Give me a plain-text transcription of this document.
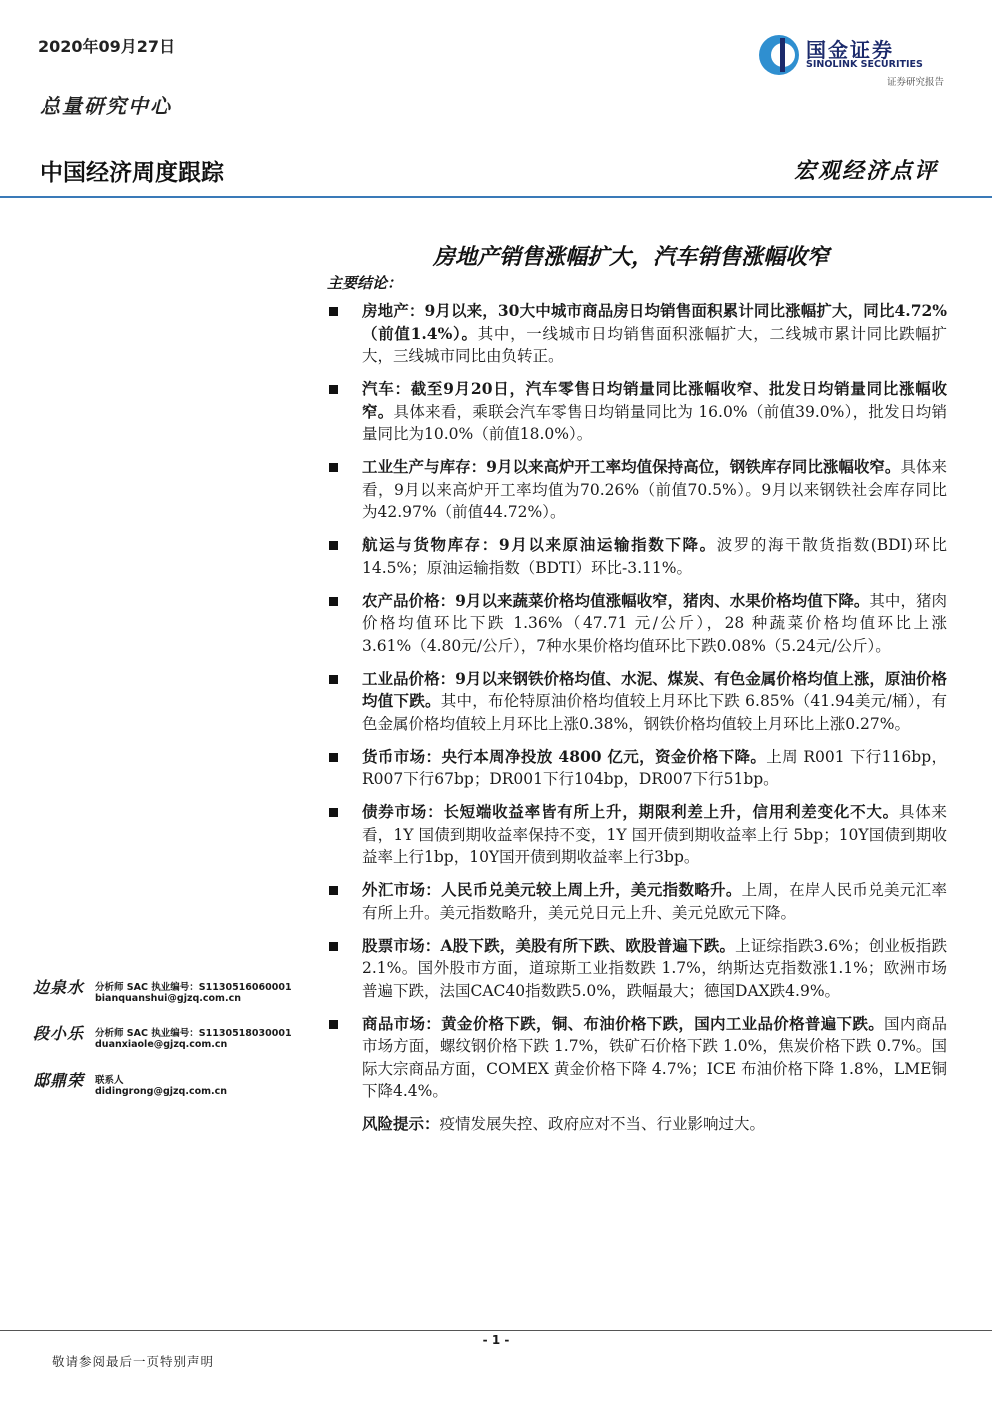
2020年09月27日
总量研究中心
中国经济周度跟踪	宏观经济点评
国金证券
SINOLINK SECURITIES
证券研究报告
房地产销售涨幅扩大，汽车销售涨幅收窄
主要结论：
房地产：9月以来，30大中城市商品房日均销售面积累计同比涨幅扩大，同比4.72%（前值1.4%）。其中，一线城市日均销售面积涨幅扩大，二线城市累计同比跌幅扩大，三线城市同比由负转正。
汽车：截至9月20日，汽车零售日均销量同比涨幅收窄、批发日均销量同比涨幅收窄。具体来看，乘联会汽车零售日均销量同比为 16.0%（前值39.0%），批发日均销量同比为10.0%（前值18.0%）。
工业生产与库存：9月以来高炉开工率均值保持高位，钢铁库存同比涨幅收窄。具体来看，9月以来高炉开工率均值为70.26%（前值70.5%）。9月以来钢铁社会库存同比为42.97%（前值44.72%）。
航运与货物库存：9月以来原油运输指数下降。波罗的海干散货指数(BDI)环比14.5%；原油运输指数（BDTI）环比-3.11%。
农产品价格：9月以来蔬菜价格均值涨幅收窄，猪肉、水果价格均值下降。其中，猪肉价格均值环比下跌 1.36%（47.71 元/公斤），28 种蔬菜价格均值环比上涨3.61%（4.80元/公斤），7种水果价格均值环比下跌0.08%（5.24元/公斤）。
工业品价格：9月以来钢铁价格均值、水泥、煤炭、有色金属价格均值上涨，原油价格均值下跌。其中，布伦特原油价格均值较上月环比下跌 6.85%（41.94美元/桶），有色金属价格均值较上月环比上涨0.38%，钢铁价格均值较上月环比上涨0.27%。
货币市场：央行本周净投放 4800 亿元，资金价格下降。上周 R001 下行116bp，R007下行67bp；DR001下行104bp，DR007下行51bp。
债券市场：长短端收益率皆有所上升，期限利差上升，信用利差变化不大。具体来看，1Y 国债到期收益率保持不变，1Y 国开债到期收益率上行 5bp；10Y国债到期收益率上行1bp，10Y国开债到期收益率上行3bp。
外汇市场：人民币兑美元较上周上升，美元指数略升。上周，在岸人民币兑美元汇率有所上升。美元指数略升，美元兑日元上升、美元兑欧元下降。
股票市场：A股下跌，美股有所下跌、欧股普遍下跌。上证综指跌3.6%；创业板指跌 2.1%。国外股市方面，道琼斯工业指数跌 1.7%，纳斯达克指数涨1.1%；欧洲市场普遍下跌，法国CAC40指数跌5.0%，跌幅最大；德国DAX跌4.9%。
商品市场：黄金价格下跌，铜、布油价格下跌，国内工业品价格普遍下跌。国内商品市场方面，螺纹钢价格下跌 1.7%，铁矿石价格下跌 1.0%，焦炭价格下跌 0.7%。国际大宗商品方面，COMEX 黄金价格下降 4.7%；ICE 布油价格下降 1.8%，LME铜下降4.4%。
风险提示：疫情发展失控、政府应对不当、行业影响过大。
边泉水 分析师 SAC 执业编号：S1130516060001
bianquanshui@gjzq.com.cn
段小乐 分析师 SAC 执业编号：S1130518030001
duanxiaole@gjzq.com.cn
邸鼎荣 联系人
didingrong@gjzq.com.cn
- 1 -
敬请参阅最后一页特别声明
